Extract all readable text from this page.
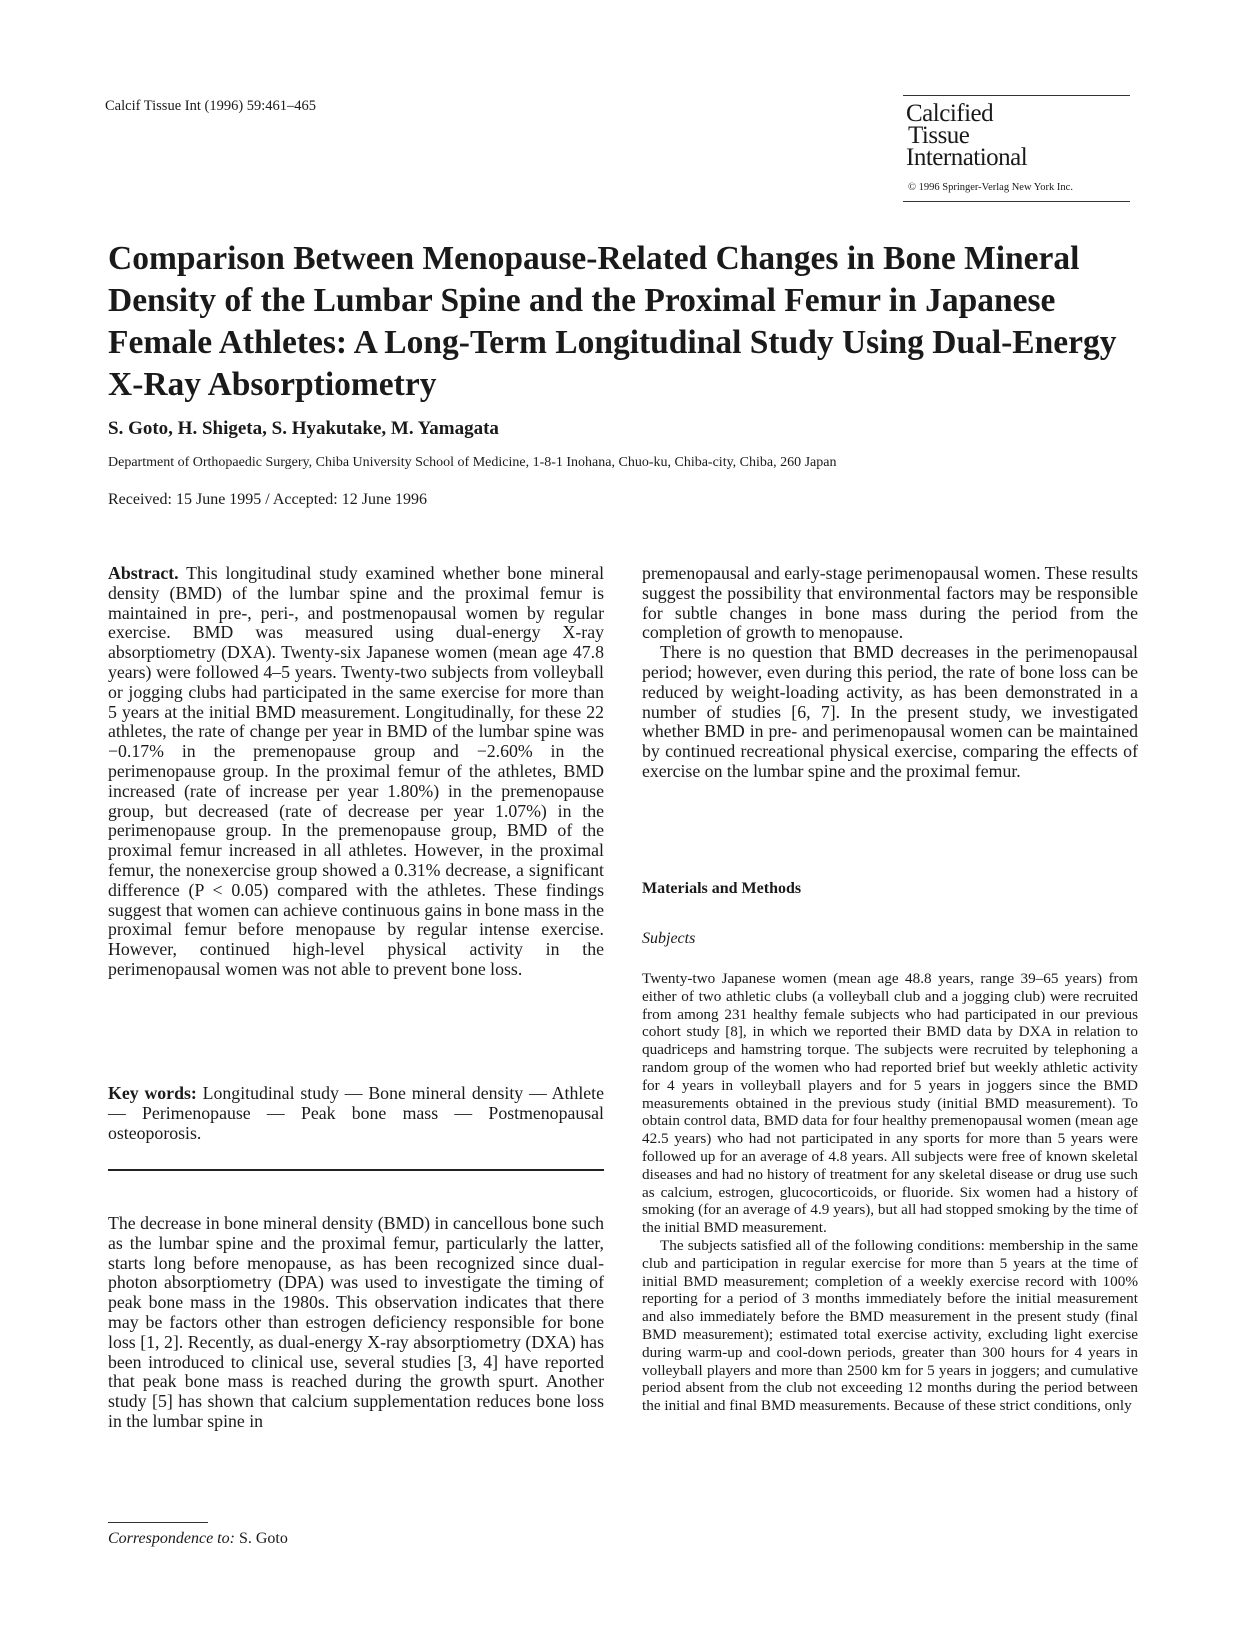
Calcif Tissue Int (1996) 59:461–465	Calcified
Tissue
International
© 1996 Springer-Verlag New York Inc.
Comparison Between Menopause-Related Changes in Bone Mineral Density of the Lumbar Spine and the Proximal Femur in Japanese Female Athletes: A Long-Term Longitudinal Study Using Dual-Energy X-Ray Absorptiometry
S. Goto, H. Shigeta, S. Hyakutake, M. Yamagata
Department of Orthopaedic Surgery, Chiba University School of Medicine, 1-8-1 Inohana, Chuo-ku, Chiba-city, Chiba, 260 Japan
Received: 15 June 1995 / Accepted: 12 June 1996

Abstract. This longitudinal study examined whether bone mineral density (BMD) of the lumbar spine and the proximal femur is maintained in pre-, peri-, and postmenopausal women by regular exercise. BMD was measured using dual-energy X-ray absorptiometry (DXA). Twenty-six Japanese women (mean age 47.8 years) were followed 4–5 years. Twenty-two subjects from volleyball or jogging clubs had participated in the same exercise for more than 5 years at the initial BMD measurement. Longitudinally, for these 22 athletes, the rate of change per year in BMD of the lumbar spine was −0.17% in the premenopause group and −2.60% in the perimenopause group. In the proximal femur of the athletes, BMD increased (rate of increase per year 1.80%) in the premenopause group, but decreased (rate of decrease per year 1.07%) in the perimenopause group. In the premenopause group, BMD of the proximal femur increased in all athletes. However, in the proximal femur, the nonexercise group showed a 0.31% decrease, a significant difference (P < 0.05) compared with the athletes. These findings suggest that women can achieve continuous gains in bone mass in the proximal femur before menopause by regular intense exercise. However, continued high-level physical activity in the perimenopausal women was not able to prevent bone loss.

Key words: Longitudinal study — Bone mineral density — Athlete — Perimenopause — Peak bone mass — Postmenopausal osteoporosis.

The decrease in bone mineral density (BMD) in cancellous bone such as the lumbar spine and the proximal femur, particularly the latter, starts long before menopause, as has been recognized since dual-photon absorptiometry (DPA) was used to investigate the timing of peak bone mass in the 1980s. This observation indicates that there may be factors other than estrogen deficiency responsible for bone loss [1, 2]. Recently, as dual-energy X-ray absorptiometry (DXA) has been introduced to clinical use, several studies [3, 4] have reported that peak bone mass is reached during the growth spurt. Another study [5] has shown that calcium supplementation reduces bone loss in the lumbar spine in

Correspondence to: S. Goto

premenopausal and early-stage perimenopausal women. These results suggest the possibility that environmental factors may be responsible for subtle changes in bone mass during the period from the completion of growth to menopause.

There is no question that BMD decreases in the perimenopausal period; however, even during this period, the rate of bone loss can be reduced by weight-loading activity, as has been demonstrated in a number of studies [6, 7]. In the present study, we investigated whether BMD in pre- and perimenopausal women can be maintained by continued recreational physical exercise, comparing the effects of exercise on the lumbar spine and the proximal femur.

Materials and Methods
Subjects

Twenty-two Japanese women (mean age 48.8 years, range 39–65 years) from either of two athletic clubs (a volleyball club and a jogging club) were recruited from among 231 healthy female subjects who had participated in our previous cohort study [8], in which we reported their BMD data by DXA in relation to quadriceps and hamstring torque. The subjects were recruited by telephoning a random group of the women who had reported brief but weekly athletic activity for 4 years in volleyball players and for 5 years in joggers since the BMD measurements obtained in the previous study (initial BMD measurement). To obtain control data, BMD data for four healthy premenopausal women (mean age 42.5 years) who had not participated in any sports for more than 5 years were followed up for an average of 4.8 years. All subjects were free of known skeletal diseases and had no history of treatment for any skeletal disease or drug use such as calcium, estrogen, glucocorticoids, or fluoride. Six women had a history of smoking (for an average of 4.9 years), but all had stopped smoking by the time of the initial BMD measurement.

The subjects satisfied all of the following conditions: membership in the same club and participation in regular exercise for more than 5 years at the time of initial BMD measurement; completion of a weekly exercise record with 100% reporting for a period of 3 months immediately before the initial measurement and also immediately before the BMD measurement in the present study (final BMD measurement); estimated total exercise activity, excluding light exercise during warm-up and cool-down periods, greater than 300 hours for 4 years in volleyball players and more than 2500 km for 5 years in joggers; and cumulative period absent from the club not exceeding 12 months during the period between the initial and final BMD measurements. Because of these strict conditions, only
